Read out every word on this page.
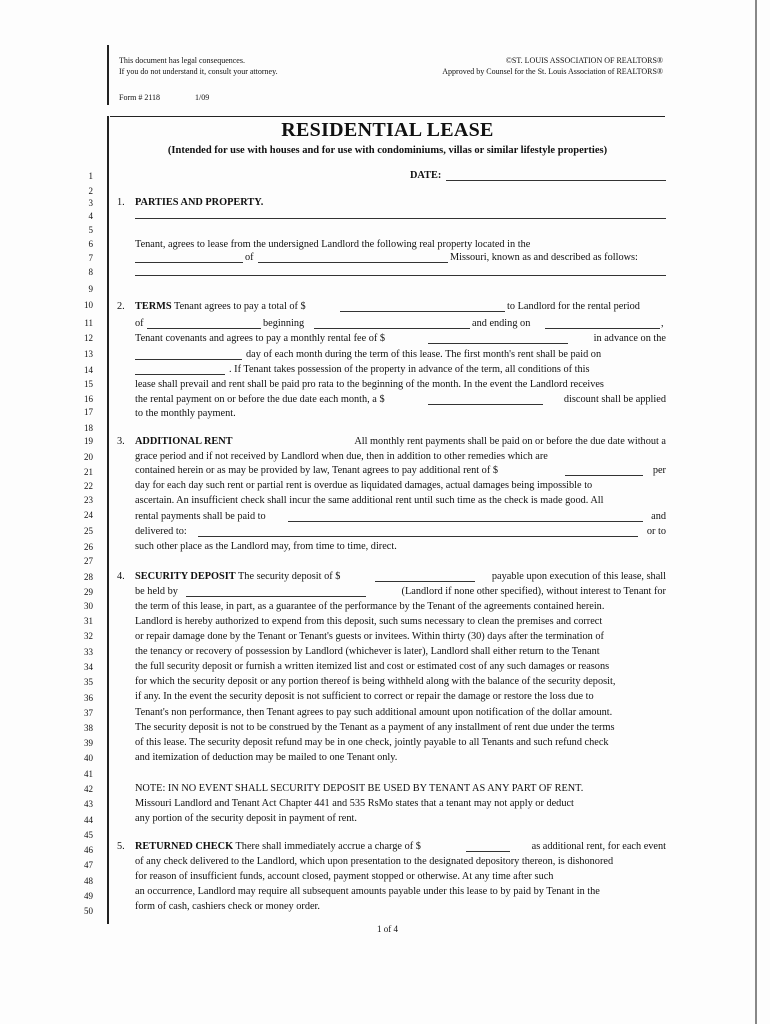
This document has legal consequences.
If you do not understand it, consult your attorney.
©ST. LOUIS ASSOCIATION OF REALTORS®
Approved by Counsel for the St. Louis Association of REALTORS®
Form # 2118	1/09
RESIDENTIAL LEASE
(Intended for use with houses and for use with condominiums, villas or similar lifestyle properties)
DATE:
1
2
3
4
5
6
7
8
9
10
11
12
13
14
15
16
17
18
19
20
21
22
23
24
25
26
27
28
29
30
31
32
33
34
35
36
37
38
39
40
41
42
43
44
45
46
47
48
49
50
1. PARTIES AND PROPERTY.
Tenant, agrees to lease from the undersigned Landlord the following real property located in the
of	Missouri, known as and described as follows:
2. TERMS Tenant agrees to pay a total of $	to Landlord for the rental period
of	beginning	and ending on	,
Tenant covenants and agrees to pay a monthly rental fee of $	in advance on the
day of each month during the term of this lease. The first month's rent shall be paid on
. If Tenant takes possession of the property in advance of the term, all conditions of this
lease shall prevail and rent shall be paid pro rata to the beginning of the month. In the event the Landlord receives
the rental payment on or before the due date each month, a $	discount shall be applied
to the monthly payment.
3. ADDITIONAL RENT	All monthly rent payments shall be paid on or before the due date without a
grace period and if not received by Landlord when due, then in addition to other remedies which are
contained herein or as may be provided by law, Tenant agrees to pay additional rent of $	per
day for each day such rent or partial rent is overdue as liquidated damages, actual damages being impossible to
ascertain. An insufficient check shall incur the same additional rent until such time as the check is made good. All
rental payments shall be paid to	and
delivered to:	or to
such other place as the Landlord may, from time to time, direct.
4. SECURITY DEPOSIT The security deposit of $	payable upon execution of this lease, shall
be held by	(Landlord if none other specified), without interest to Tenant for
the term of this lease, in part, as a guarantee of the performance by the Tenant of the agreements contained herein.
Landlord is hereby authorized to expend from this deposit, such sums necessary to clean the premises and correct
or repair damage done by the Tenant or Tenant's guests or invitees. Within thirty (30) days after the termination of
the tenancy or recovery of possession by Landlord (whichever is later), Landlord shall either return to the Tenant
the full security deposit or furnish a written itemized list and cost or estimated cost of any such damages or reasons
for which the security deposit or any portion thereof is being withheld along with the balance of the security deposit,
if any. In the event the security deposit is not sufficient to correct or repair the damage or restore the loss due to
Tenant's non performance, then Tenant agrees to pay such additional amount upon notification of the dollar amount.
The security deposit is not to be construed by the Tenant as a payment of any installment of rent due under the terms
of this lease. The security deposit refund may be in one check, jointly payable to all Tenants and such refund check
and itemization of deduction may be mailed to one Tenant only.
NOTE: IN NO EVENT SHALL SECURITY DEPOSIT BE USED BY TENANT AS ANY PART OF RENT.
Missouri Landlord and Tenant Act Chapter 441 and 535 RsMo states that a tenant may not apply or deduct
any portion of the security deposit in payment of rent.
5. RETURNED CHECK There shall immediately accrue a charge of $	as additional rent, for each event
of any check delivered to the Landlord, which upon presentation to the designated depository thereon, is dishonored
for reason of insufficient funds, account closed, payment stopped or otherwise. At any time after such
an occurrence, Landlord may require all subsequent amounts payable under this lease to by paid by Tenant in the
form of cash, cashiers check or money order.
1 of 4
